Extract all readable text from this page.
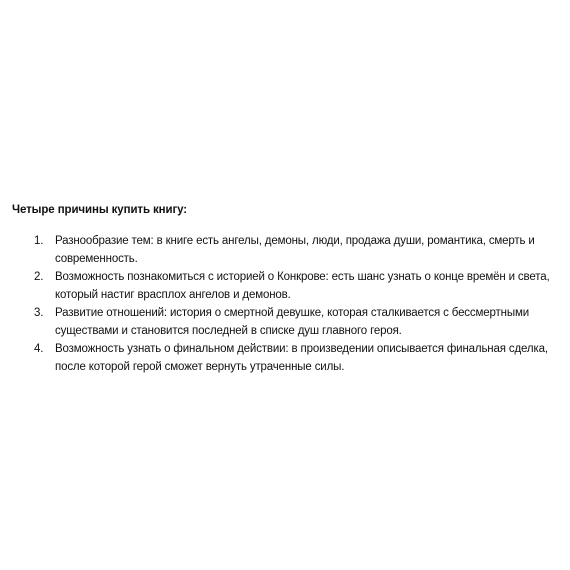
Четыре причины купить книгу:
1.	Разнообразие тем: в книге есть ангелы, демоны, люди, продажа души, романтика, смерть и современность.
2.	Возможность познакомиться с историей о Конкрове: есть шанс узнать о конце времён и света, который настиг врасплох ангелов и демонов.
3.	Развитие отношений: история о смертной девушке, которая сталкивается с бессмертными существами и становится последней в списке душ главного героя.
4.	Возможность узнать о финальном действии: в произведении описывается финальная сделка, после которой герой сможет вернуть утраченные силы.
